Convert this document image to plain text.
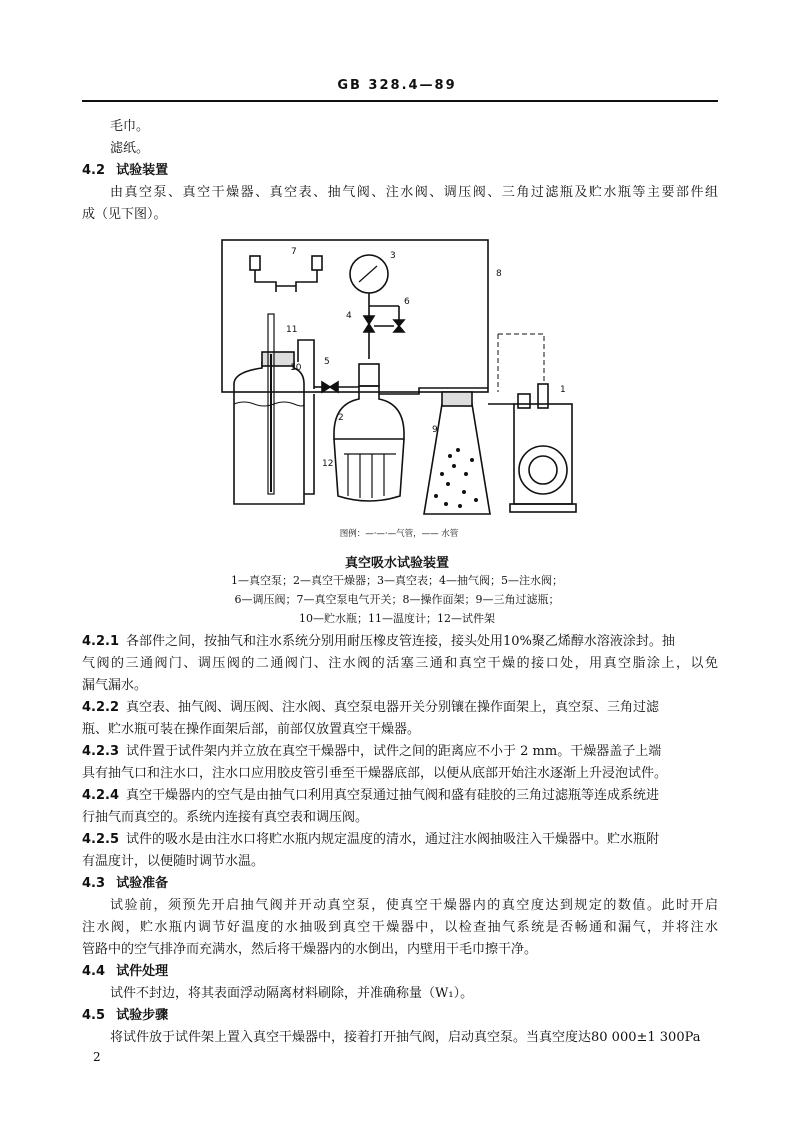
GB 328.4—89
毛巾。
滤纸。
4.2 试验装置
由真空泵、真空干燥器、真空表、抽气阀、注水阀、调压阀、三角过滤瓶及贮水瓶等主要部件组
成（见下图）。
1
2
3
4
5
6
7
8
9
10
11
12
图例：—·—·—气管，—— 水管
真空吸水试验装置
1—真空泵；2—真空干燥器；3—真空表；4—抽气阀；5—注水阀；
6—调压阀；7—真空泵电气开关；8—操作面架；9—三角过滤瓶；
10—贮水瓶；11—温度计；12—试件架
4.2.1 各部件之间，按抽气和注水系统分别用耐压橡皮管连接，接头处用10%聚乙烯醇水溶液涂封。抽
气阀的三通阀门、调压阀的二通阀门、注水阀的活塞三通和真空干燥的接口处，用真空脂涂上，以免
漏气漏水。
4.2.2 真空表、抽气阀、调压阀、注水阀、真空泵电器开关分别镶在操作面架上，真空泵、三角过滤
瓶、贮水瓶可装在操作面架后部，前部仅放置真空干燥器。
4.2.3 试件置于试件架内并立放在真空干燥器中，试件之间的距离应不小于 2 mm。干燥器盖子上端
具有抽气口和注水口，注水口应用胶皮管引垂至干燥器底部，以便从底部开始注水逐渐上升浸泡试件。
4.2.4 真空干燥器内的空气是由抽气口利用真空泵通过抽气阀和盛有硅胶的三角过滤瓶等连成系统进
行抽气而真空的。系统内连接有真空表和调压阀。
4.2.5 试件的吸水是由注水口将贮水瓶内规定温度的清水，通过注水阀抽吸注入干燥器中。贮水瓶附
有温度计，以便随时调节水温。
4.3 试验准备
试验前，须预先开启抽气阀并开动真空泵，使真空干燥器内的真空度达到规定的数值。此时开启
注水阀，贮水瓶内调节好温度的水抽吸到真空干燥器中，以检查抽气系统是否畅通和漏气，并将注水
管路中的空气排净而充满水，然后将干燥器内的水倒出，内壁用干毛巾擦干净。
4.4 试件处理
试件不封边，将其表面浮动隔离材料刷除，并准确称量（W₁）。
4.5 试验步骤
将试件放于试件架上置入真空干燥器中，接着打开抽气阀，启动真空泵。当真空度达80 000±1 300Pa
2
